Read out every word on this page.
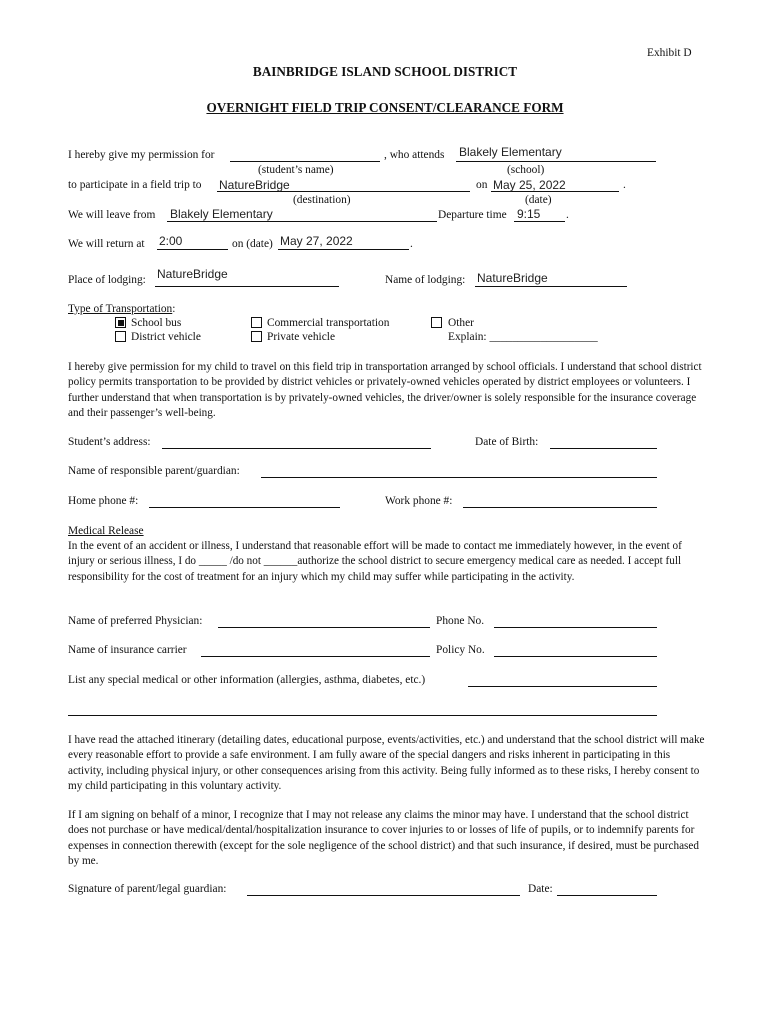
Exhibit D
BAINBRIDGE ISLAND SCHOOL DISTRICT
OVERNIGHT FIELD TRIP CONSENT/CLEARANCE FORM
I hereby give my permission for	, who attends Blakely Elementary
(student’s name)	(school)
to participate in a field trip to NatureBridge	on May 25, 2022	.
(destination)	(date)
We will leave from Blakely Elementary	Departure time 9:15 .
We will return at 2:00	on (date) May 27, 2022	.
Place of lodging: NatureBridge	Name of lodging: NatureBridge
Type of Transportation:
School bus
District vehicle
Commercial transportation
Private vehicle
Other
Explain: ___________________
I hereby give permission for my child to travel on this field trip in transportation arranged by school officials. I understand that school district policy permits transportation to be provided by district vehicles or privately-owned vehicles operated by district employees or volunteers. I further understand that when transportation is by privately-owned vehicles, the driver/owner is solely responsible for the insurance coverage and their passenger’s well-being.
Student’s address:	Date of Birth:
Name of responsible parent/guardian:
Home phone #:	Work phone #:
Medical Release
In the event of an accident or illness, I understand that reasonable effort will be made to contact me immediately however, in the event of injury or serious illness, I do _____ /do not ______authorize the school district to secure emergency medical care as needed. I accept full responsibility for the cost of treatment for an injury which my child may suffer while participating in the activity.
Name of preferred Physician:	Phone No.
Name of insurance carrier	Policy No.
List any special medical or other information (allergies, asthma, diabetes, etc.)
I have read the attached itinerary (detailing dates, educational purpose, events/activities, etc.) and understand that the school district will make every reasonable effort to provide a safe environment. I am fully aware of the special dangers and risks inherent in participating in this activity, including physical injury, or other consequences arising from this activity. Being fully informed as to these risks, I hereby consent to my child participating in this voluntary activity.
If I am signing on behalf of a minor, I recognize that I may not release any claims the minor may have. I understand that the school district does not purchase or have medical/dental/hospitalization insurance to cover injuries to or losses of life of pupils, or to indemnify parents for expenses in connection therewith (except for the sole negligence of the school district) and that such insurance, if desired, must be purchased by me.
Signature of parent/legal guardian:	Date:
